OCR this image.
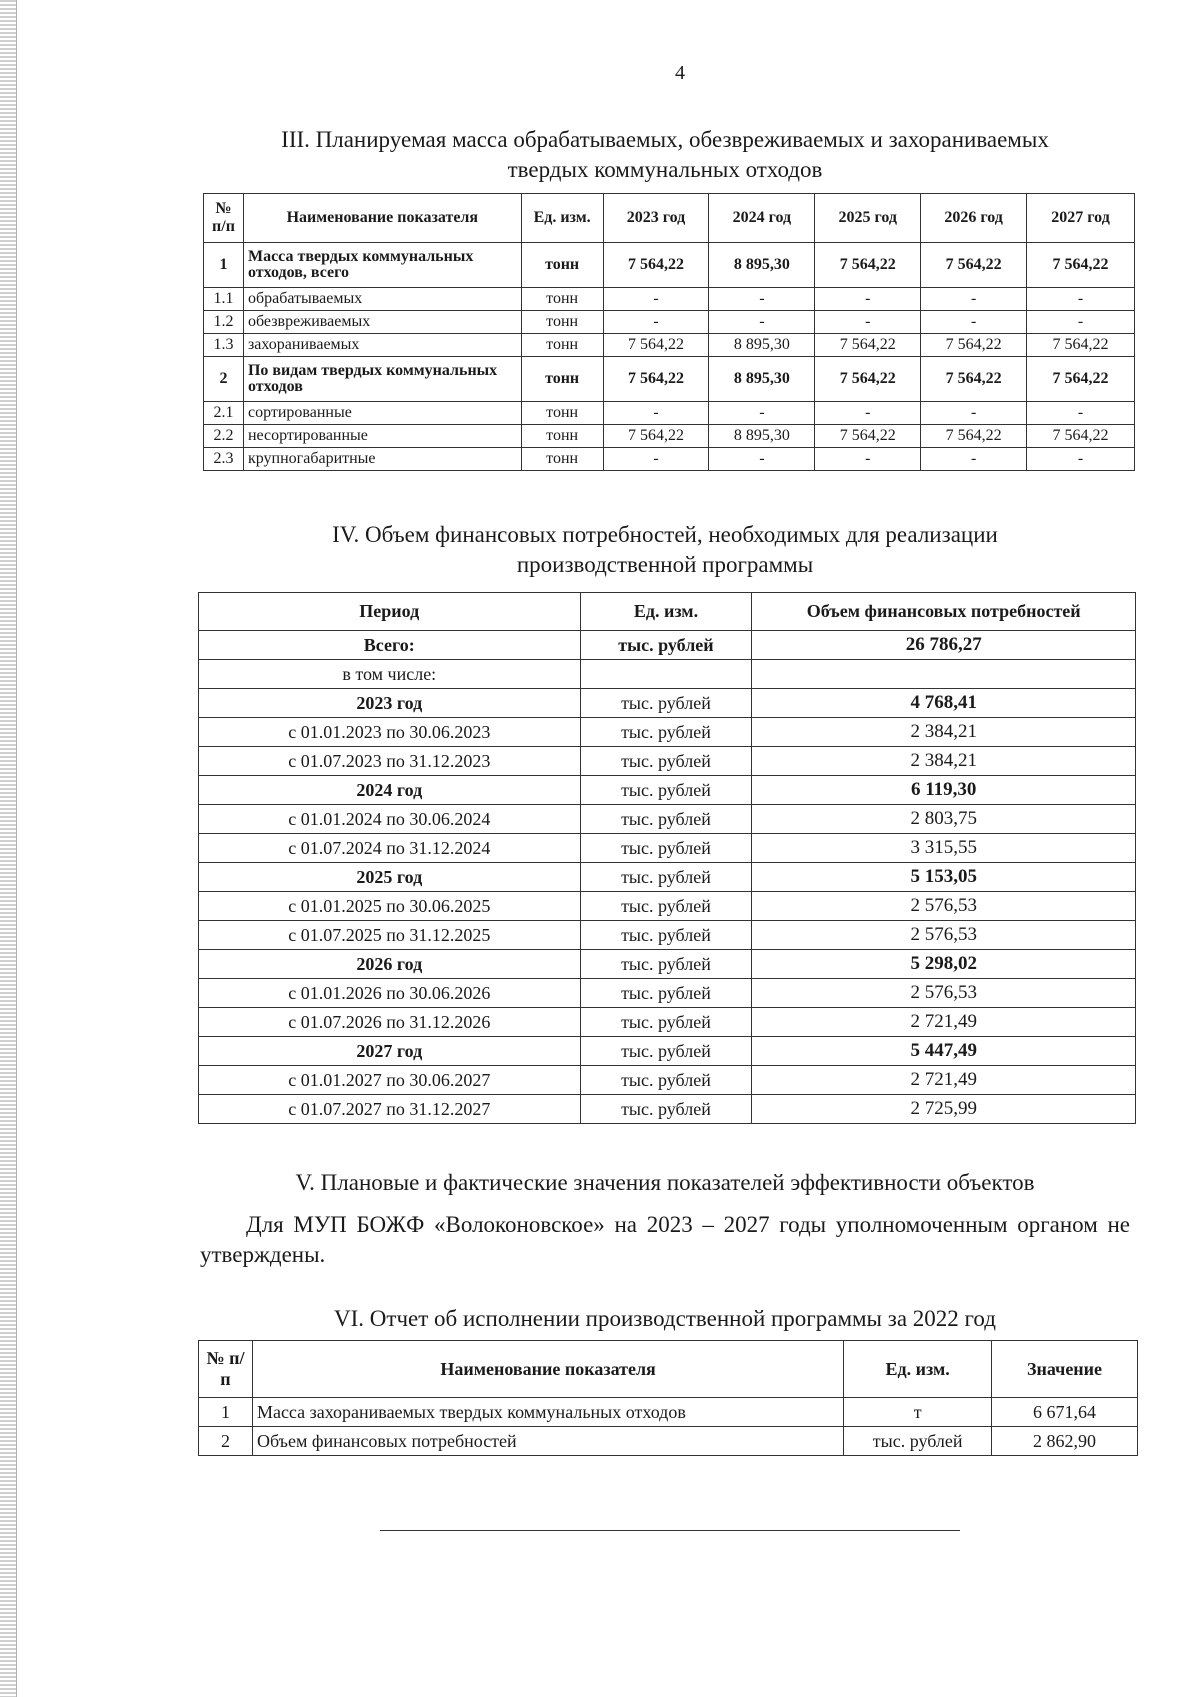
4
III. Планируемая масса обрабатываемых, обезвреживаемых и захораниваемых
твердых коммунальных отходов
№ п/п	Наименование показателя	Ед. изм.	2023 год	2024 год	2025 год	2026 год	2027 год
1	Масса твердых коммунальных отходов, всего	тонн	7 564,22	8 895,30	7 564,22	7 564,22	7 564,22
1.1	обрабатываемых	тонн	-	-	-	-	-
1.2	обезвреживаемых	тонн	-	-	-	-	-
1.3	захораниваемых	тонн	7 564,22	8 895,30	7 564,22	7 564,22	7 564,22
2	По видам твердых коммунальных отходов	тонн	7 564,22	8 895,30	7 564,22	7 564,22	7 564,22
2.1	сортированные	тонн	-	-	-	-	-
2.2	несортированные	тонн	7 564,22	8 895,30	7 564,22	7 564,22	7 564,22
2.3	крупногабаритные	тонн	-	-	-	-	-
IV. Объем финансовых потребностей, необходимых для реализации
производственной программы
Период	Ед. изм.	Объем финансовых потребностей
Всего:	тыс. рублей	26 786,27
в том числе:		
2023 год	тыс. рублей	4 768,41
с 01.01.2023 по 30.06.2023	тыс. рублей	2 384,21
с 01.07.2023 по 31.12.2023	тыс. рублей	2 384,21
2024 год	тыс. рублей	6 119,30
с 01.01.2024 по 30.06.2024	тыс. рублей	2 803,75
с 01.07.2024 по 31.12.2024	тыс. рублей	3 315,55
2025 год	тыс. рублей	5 153,05
с 01.01.2025 по 30.06.2025	тыс. рублей	2 576,53
с 01.07.2025 по 31.12.2025	тыс. рублей	2 576,53
2026 год	тыс. рублей	5 298,02
с 01.01.2026 по 30.06.2026	тыс. рублей	2 576,53
с 01.07.2026 по 31.12.2026	тыс. рублей	2 721,49
2027 год	тыс. рублей	5 447,49
с 01.01.2027 по 30.06.2027	тыс. рублей	2 721,49
с 01.07.2027 по 31.12.2027	тыс. рублей	2 725,99
V. Плановые и фактические значения показателей эффективности объектов
Для МУП БОЖФ «Волоконовское» на 2023 – 2027 годы уполномоченным органом не утверждены.
VI. Отчет об исполнении производственной программы за 2022 год
№ п/п	Наименование показателя	Ед. изм.	Значение
1	Масса захораниваемых твердых коммунальных отходов	т	6 671,64
2	Объем финансовых потребностей	тыс. рублей	2 862,90
